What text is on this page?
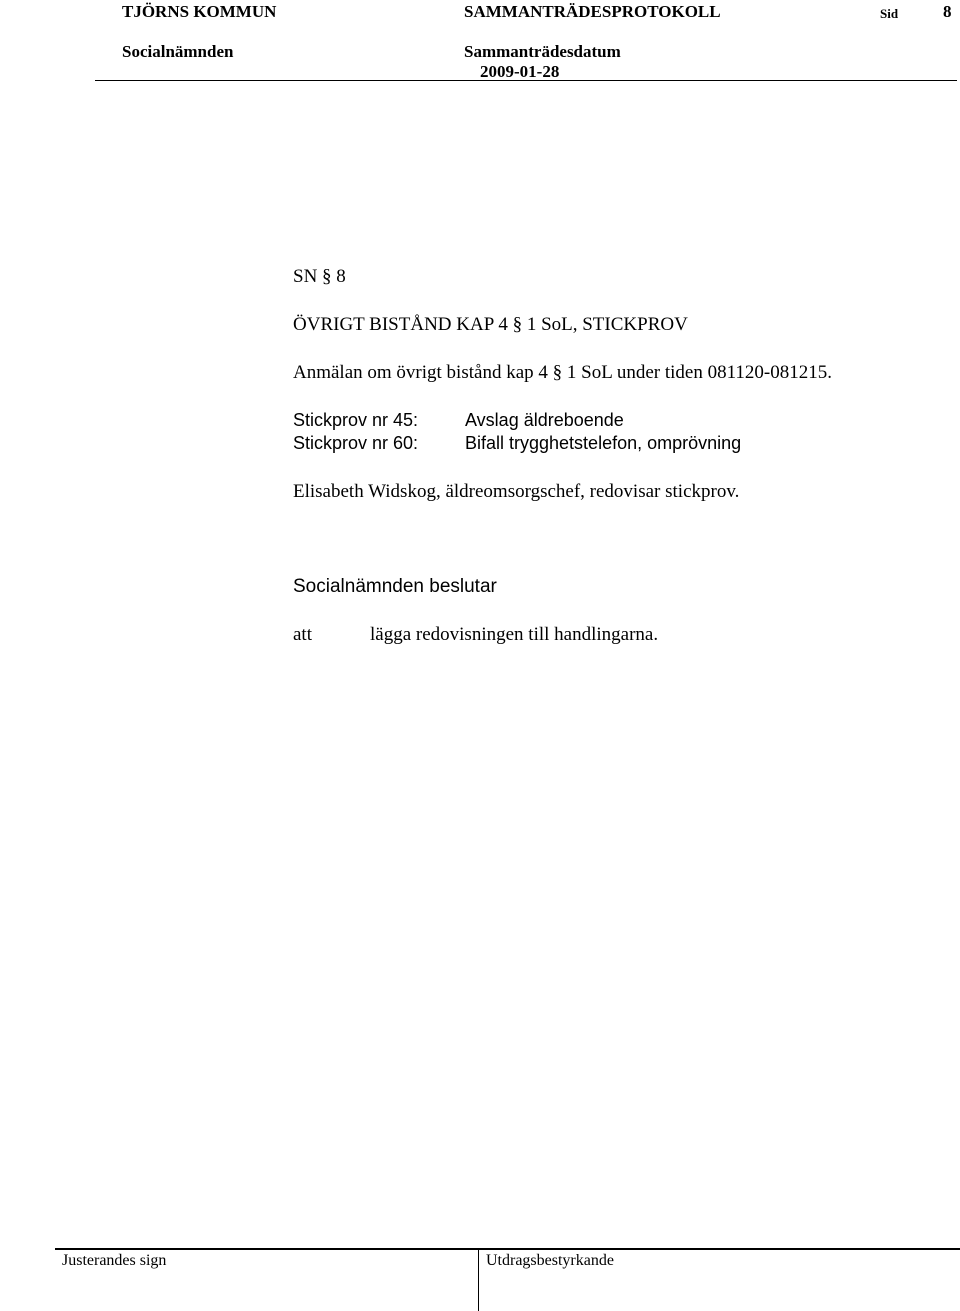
TJÖRNS KOMMUN	SAMMANTRÄDESPROTOKOLL	Sid	8
Socialnämnden	Sammanträdesdatum
2009-01-28
SN § 8
ÖVRIGT BISTÅND KAP 4 § 1 SoL, STICKPROV
Anmälan om övrigt bistånd kap 4 § 1 SoL under tiden 081120-081215.
Stickprov nr 45:	Avslag äldreboende
Stickprov nr 60:	Bifall trygghetstelefon, omprövning
Elisabeth Widskog, äldreomsorgschef, redovisar stickprov.
Socialnämnden beslutar
att	lägga redovisningen till handlingarna.
Justerandes sign	Utdragsbestyrkande
